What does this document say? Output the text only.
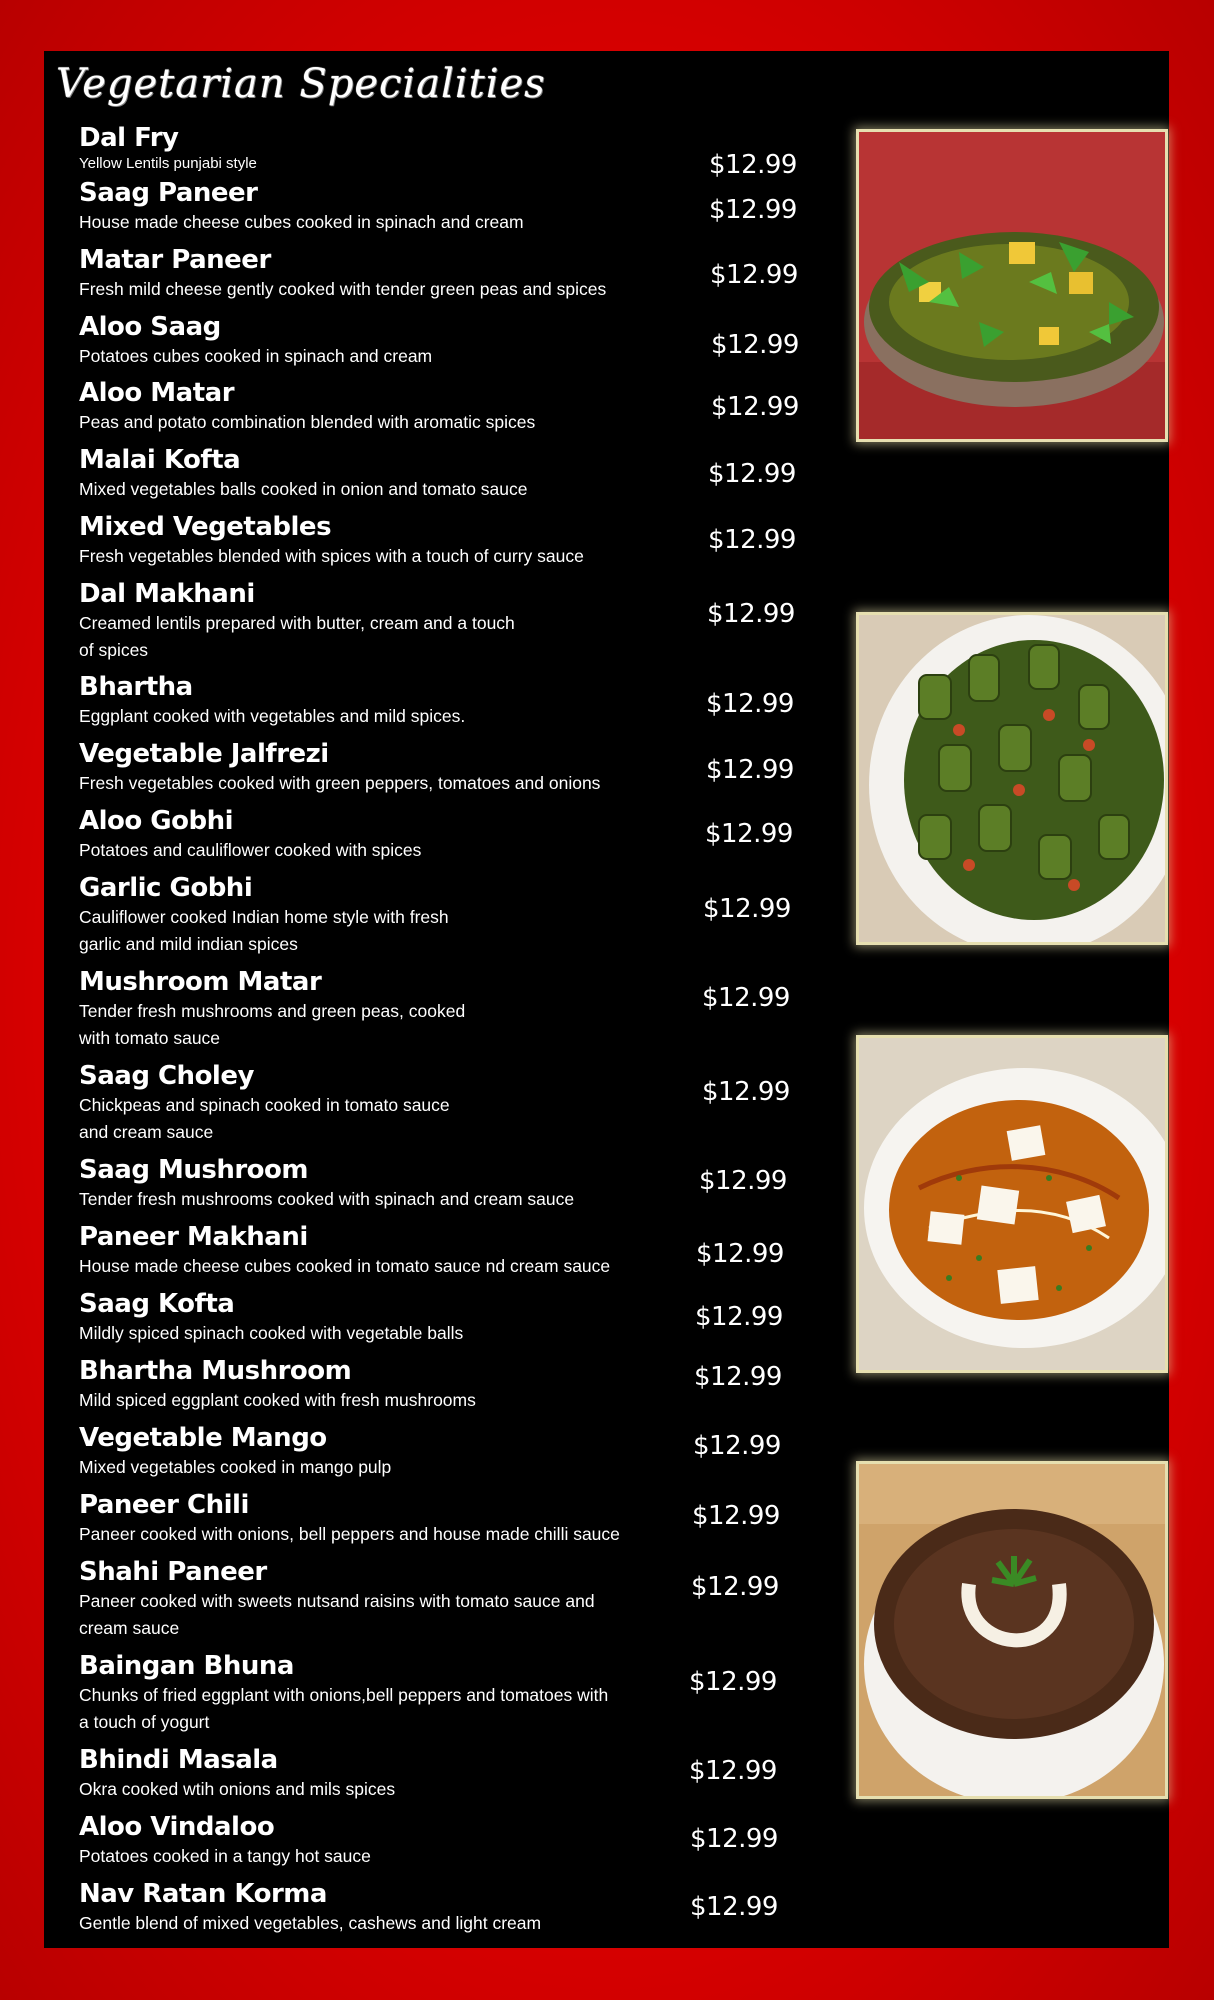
Vegetarian Specialities
Dal Fry
Yellow Lentils punjabi style	$12.99
Saag Paneer
House made cheese cubes cooked in spinach and cream	$12.99
Matar Paneer
Fresh mild cheese gently cooked with tender green peas and spices	$12.99
Aloo Saag
Potatoes cubes cooked in spinach and cream	$12.99
Aloo Matar
Peas and potato combination blended with aromatic spices	$12.99
Malai Kofta
Mixed vegetables balls cooked in onion and tomato sauce	$12.99
Mixed Vegetables
Fresh vegetables blended with spices with a touch of curry sauce
$12.99
Dal Makhani
Creamed lentils prepared with butter, cream and a touch
of spices
$12.99
Bhartha
Eggplant cooked with vegetables and mild spices.	$12.99
Vegetable Jalfrezi
Fresh vegetables cooked with green peppers, tomatoes and onions	$12.99
Aloo Gobhi
Potatoes and cauliflower cooked with spices
$12.99
Garlic Gobhi
Cauliflower cooked Indian home style with fresh
garlic and mild indian spices
$12.99
Mushroom Matar
Tender fresh mushrooms and green peas, cooked
with tomato sauce
$12.99
Saag Choley
Chickpeas and spinach cooked in tomato sauce
and cream sauce
$12.99
Saag Mushroom
Tender fresh mushrooms cooked with spinach and cream sauce
$12.99
Paneer Makhani
House made cheese cubes cooked in tomato sauce nd cream sauce	$12.99
Saag Kofta
Mildly spiced spinach cooked with vegetable balls
$12.99
Bhartha Mushroom
Mild spiced eggplant cooked with fresh mushrooms
$12.99
Vegetable Mango
Mixed vegetables cooked in mango pulp
$12.99
Paneer Chili
Paneer cooked with onions, bell peppers and house made chilli sauce
$12.99
Shahi Paneer
Paneer cooked with sweets nutsand raisins with tomato sauce and
cream sauce
$12.99
Baingan Bhuna
Chunks of fried eggplant with onions,bell peppers and tomatoes with
a touch of yogurt
$12.99
Bhindi Masala
Okra cooked wtih onions and mils spices
$12.99
Aloo Vindaloo
Potatoes cooked in a tangy hot sauce
$12.99
Nav Ratan Korma
Gentle blend of mixed vegetables, cashews and light cream
$12.99
